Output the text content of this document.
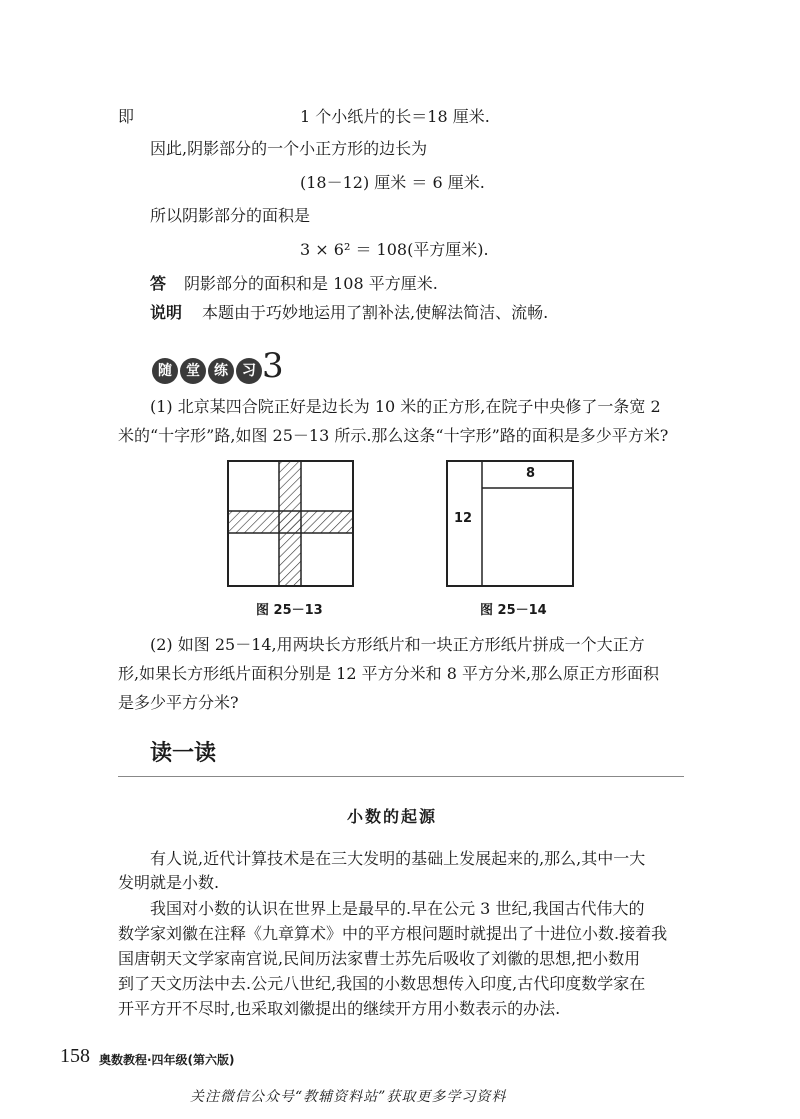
即	1 个小纸片的长＝18 厘米.
因此,阴影部分的一个小正方形的边长为
(18－12) 厘米 ＝ 6 厘米.
所以阴影部分的面积是
3 × 6² ＝ 108(平方厘米).
答 阴影部分的面积和是 108 平方厘米.
说明 本题由于巧妙地运用了割补法,使解法简洁、流畅.
随	堂	练	习 3
(1) 北京某四合院正好是边长为 10 米的正方形,在院子中央修了一条宽 2
米的“十字形”路,如图 25－13 所示.那么这条“十字形”路的面积是多少平方米?
8
12
图 25－13	图 25－14
(2) 如图 25－14,用两块长方形纸片和一块正方形纸片拼成一个大正方
形,如果长方形纸片面积分别是 12 平方分米和 8 平方分米,那么原正方形面积
是多少平方分米?
读一读
小数的起源
有人说,近代计算技术是在三大发明的基础上发展起来的,那么,其中一大
发明就是小数.
我国对小数的认识在世界上是最早的.早在公元 3 世纪,我国古代伟大的
数学家刘徽在注释《九章算术》中的平方根问题时就提出了十进位小数.接着我
国唐朝天文学家南宫说,民间历法家曹士苏先后吸收了刘徽的思想,把小数用
到了天文历法中去.公元八世纪,我国的小数思想传入印度,古代印度数学家在
开平方开不尽时,也采取刘徽提出的继续开方用小数表示的办法.
158 奥数教程·四年级(第六版)
关注微信公众号“教辅资料站”获取更多学习资料
